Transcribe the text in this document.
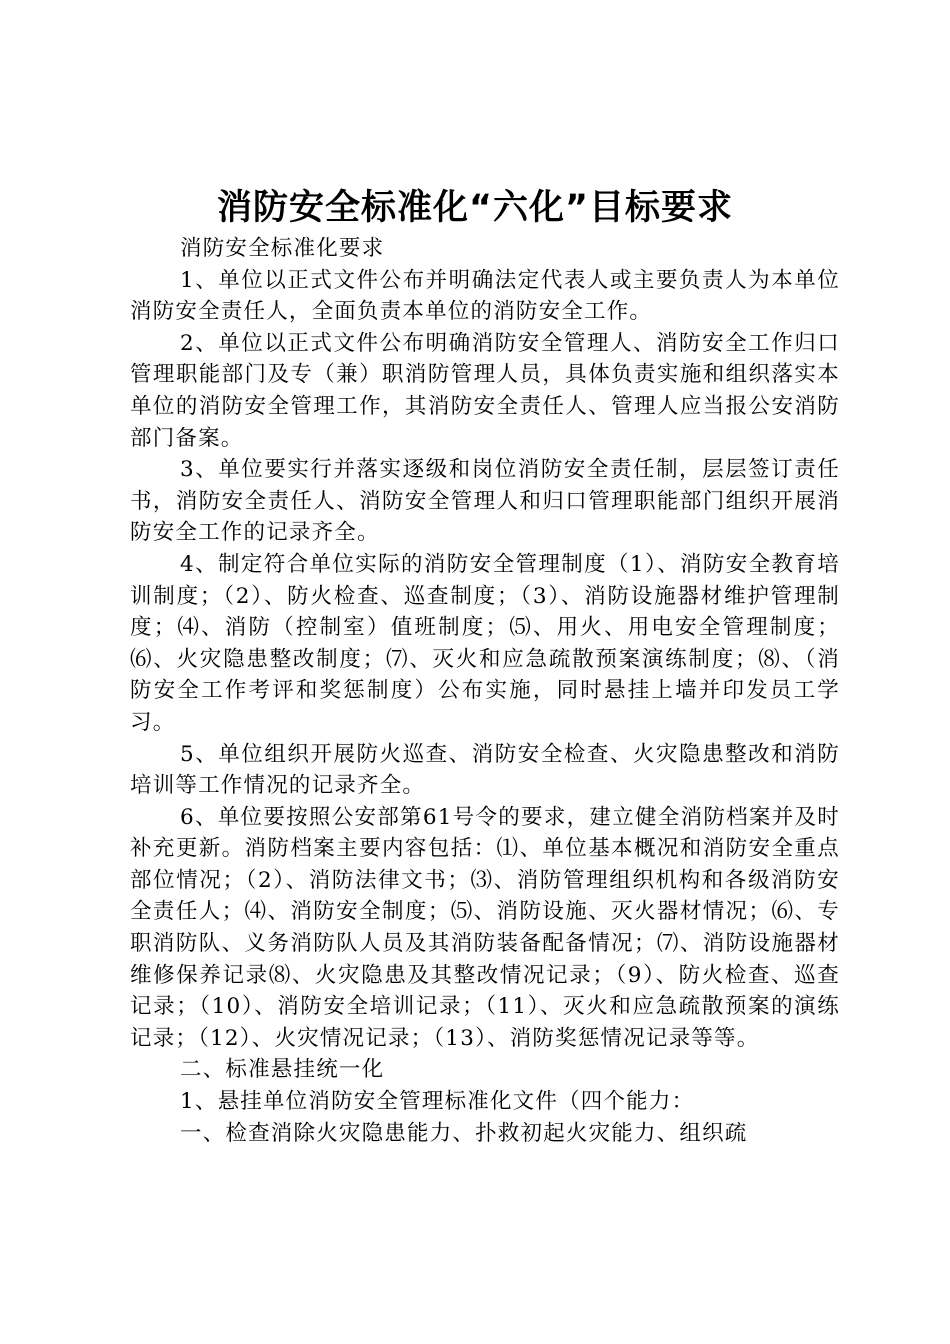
消防安全标准化“六化”目标要求

消防安全标准化要求

1、单位以正式文件公布并明确法定代表人或主要负责人为本单位消防安全责任人，全面负责本单位的消防安全工作。

2、单位以正式文件公布明确消防安全管理人、消防安全工作归口管理职能部门及专（兼）职消防管理人员，具体负责实施和组织落实本单位的消防安全管理工作，其消防安全责任人、管理人应当报公安消防部门备案。

3、单位要实行并落实逐级和岗位消防安全责任制，层层签订责任书，消防安全责任人、消防安全管理人和归口管理职能部门组织开展消防安全工作的记录齐全。

4、制定符合单位实际的消防安全管理制度（1）、消防安全教育培训制度；（2）、防火检查、巡查制度；（3）、消防设施器材维护管理制度；⑷、消防（控制室）值班制度；⑸、用火、用电安全管理制度；⑹、火灾隐患整改制度；⑺、灭火和应急疏散预案演练制度；⑻、（消防安全工作考评和奖惩制度）公布实施，同时悬挂上墙并印发员工学习。

5、单位组织开展防火巡查、消防安全检查、火灾隐患整改和消防培训等工作情况的记录齐全。

6、单位要按照公安部第61号令的要求，建立健全消防档案并及时补充更新。消防档案主要内容包括：⑴、单位基本概况和消防安全重点部位情况；（2）、消防法律文书；⑶、消防管理组织机构和各级消防安全责任人；⑷、消防安全制度；⑸、消防设施、灭火器材情况；⑹、专职消防队、义务消防队人员及其消防装备配备情况；⑺、消防设施器材维修保养记录⑻、火灾隐患及其整改情况记录；（9）、防火检查、巡查记录；（10）、消防安全培训记录；（11）、灭火和应急疏散预案的演练记录；（12）、火灾情况记录；（13）、消防奖惩情况记录等等。

二、标准悬挂统一化

1、悬挂单位消防安全管理标准化文件（四个能力：

一、检查消除火灾隐患能力、扑救初起火灾能力、组织疏
